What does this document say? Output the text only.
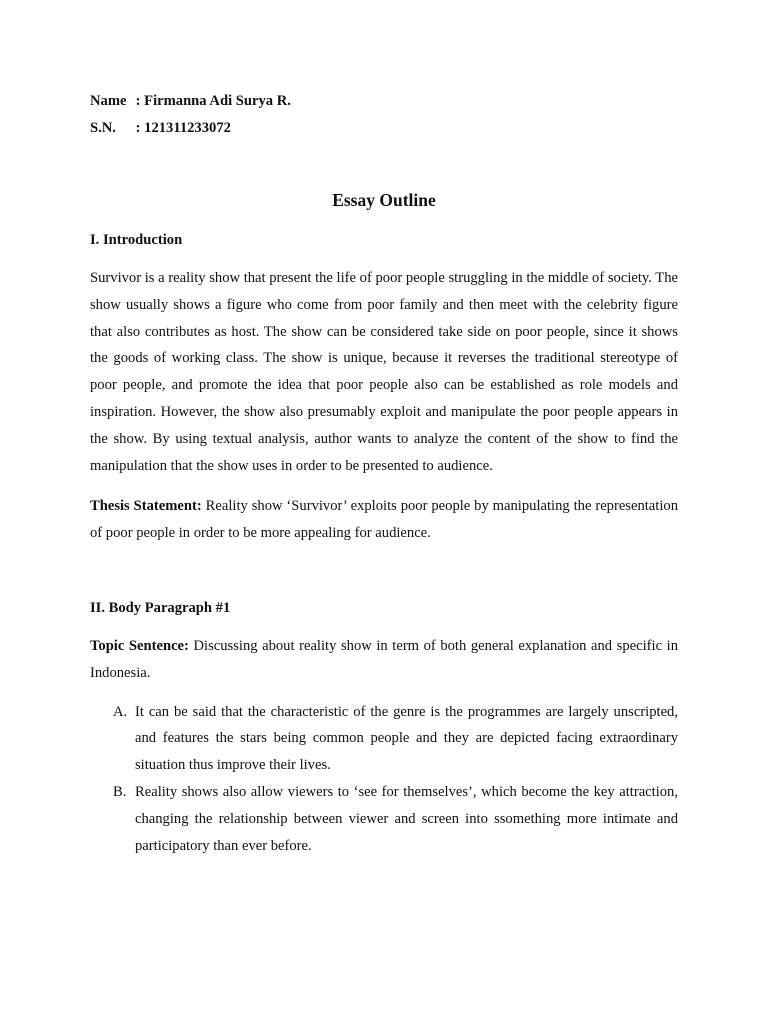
Name : Firmanna Adi Surya R.
S.N. : 121311233072
Essay Outline
I. Introduction
Survivor is a reality show that present the life of poor people struggling in the middle of society. The show usually shows a figure who come from poor family and then meet with the celebrity figure that also contributes as host. The show can be considered take side on poor people, since it shows the goods of working class. The show is unique, because it reverses the traditional stereotype of poor people, and promote the idea that poor people also can be established as role models and inspiration. However, the show also presumably exploit and manipulate the poor people appears in the show. By using textual analysis, author wants to analyze the content of the show to find the manipulation that the show uses in order to be presented to audience.
Thesis Statement: Reality show ‘Survivor’ exploits poor people by manipulating the representation of poor people in order to be more appealing for audience.
II. Body Paragraph #1
Topic Sentence: Discussing about reality show in term of both general explanation and specific in Indonesia.
A. It can be said that the characteristic of the genre is the programmes are largely unscripted, and features the stars being common people and they are depicted facing extraordinary situation thus improve their lives.
B. Reality shows also allow viewers to ‘see for themselves’, which become the key attraction, changing the relationship between viewer and screen into ssomething more intimate and participatory than ever before.
